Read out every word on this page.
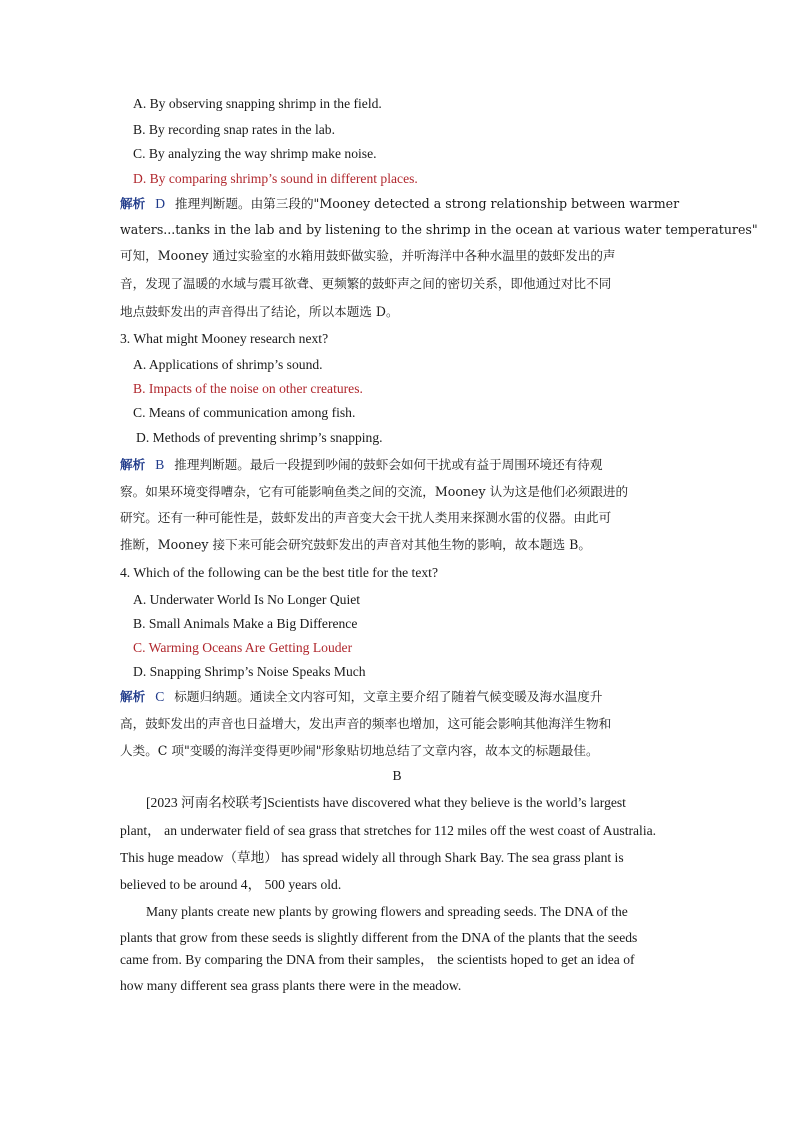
A. By observing snapping shrimp in the field.
B. By recording snap rates in the lab.
C. By analyzing the way shrimp make noise.
D. By comparing shrimp’s sound in different places.
解析 D 推理判断题。由第三段的"Mooney detected a strong relationship between warmer
waters...tanks in the lab and by listening to the shrimp in the ocean at various water temperatures"
可知，Mooney 通过实验室的水箱用鼓虾做实验，并听海洋中各种水温里的鼓虾发出的声
音，发现了温暖的水域与震耳欲聋、更频繁的鼓虾声之间的密切关系，即他通过对比不同
地点鼓虾发出的声音得出了结论，所以本题选 D。
3. What might Mooney research next?
A. Applications of shrimp’s sound.
B. Impacts of the noise on other creatures.
C. Means of communication among fish.
D. Methods of preventing shrimp’s snapping.
解析 B 推理判断题。最后一段提到吵闹的鼓虾会如何干扰或有益于周围环境还有待观
察。如果环境变得嘈杂，它有可能影响鱼类之间的交流，Mooney 认为这是他们必须跟进的
研究。还有一种可能性是，鼓虾发出的声音变大会干扰人类用来探测水雷的仪器。由此可
推断，Mooney 接下来可能会研究鼓虾发出的声音对其他生物的影响，故本题选 B。
4. Which of the following can be the best title for the text?
A. Underwater World Is No Longer Quiet
B. Small Animals Make a Big Difference
C. Warming Oceans Are Getting Louder
D. Snapping Shrimp’s Noise Speaks Much
解析 C 标题归纳题。通读全文内容可知，文章主要介绍了随着气候变暖及海水温度升
高，鼓虾发出的声音也日益增大，发出声音的频率也增加，这可能会影响其他海洋生物和
人类。C 项"变暖的海洋变得更吵闹"形象贴切地总结了文章内容，故本文的标题最佳。
B
[2023 河南名校联考]Scientists have discovered what they believe is the world’s largest
plant， an underwater field of sea grass that stretches for 112 miles off the west coast of Australia.
This huge meadow（草地） has spread widely all through Shark Bay. The sea grass plant is
believed to be around 4， 500 years old.
Many plants create new plants by growing flowers and spreading seeds. The DNA of the
plants that grow from these seeds is slightly different from the DNA of the plants that the seeds
came from. By comparing the DNA from their samples， the scientists hoped to get an idea of
how many different sea grass plants there were in the meadow.
